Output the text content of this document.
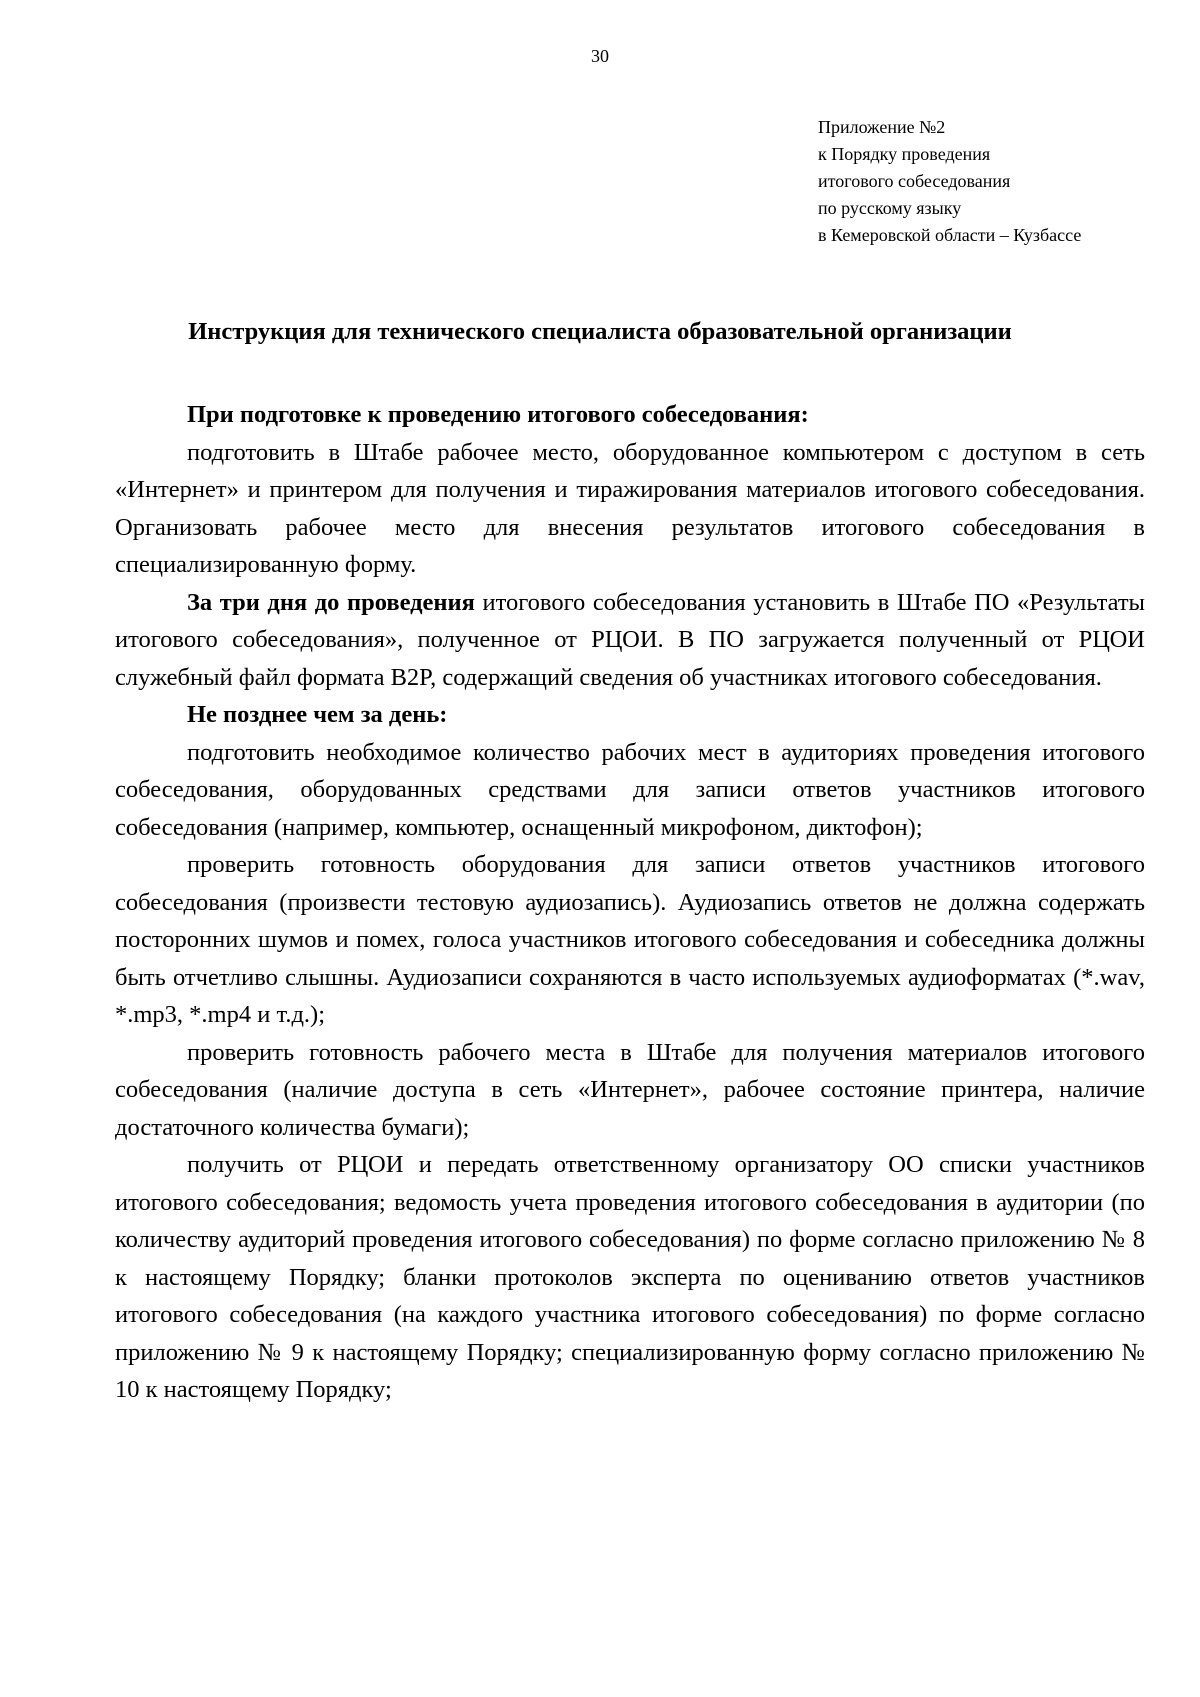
30
Приложение №2
к Порядку проведения
итогового собеседования
по русскому языку
в Кемеровской области – Кузбассе
Инструкция для технического специалиста образовательной организации

При подготовке к проведению итогового собеседования:

подготовить в Штабе рабочее место, оборудованное компьютером с доступом в сеть «Интернет» и принтером для получения и тиражирования материалов итогового собеседования. Организовать рабочее место для внесения результатов итогового собеседования в специализированную форму.

За три дня до проведения итогового собеседования установить в Штабе ПО «Результаты итогового собеседования», полученное от РЦОИ. В ПО загружается полученный от РЦОИ служебный файл формата B2P, содержащий сведения об участниках итогового собеседования.

Не позднее чем за день:

подготовить необходимое количество рабочих мест в аудиториях проведения итогового собеседования, оборудованных средствами для записи ответов участников итогового собеседования (например, компьютер, оснащенный микрофоном, диктофон);

проверить готовность оборудования для записи ответов участников итогового собеседования (произвести тестовую аудиозапись). Аудиозапись ответов не должна содержать посторонних шумов и помех, голоса участников итогового собеседования и собеседника должны быть отчетливо слышны. Аудиозаписи сохраняются в часто используемых аудиоформатах (*.wav, *.mp3, *.mp4 и т.д.);

проверить готовность рабочего места в Штабе для получения материалов итогового собеседования (наличие доступа в сеть «Интернет», рабочее состояние принтера, наличие достаточного количества бумаги);

получить от РЦОИ и передать ответственному организатору ОО списки участников итогового собеседования; ведомость учета проведения итогового собеседования в аудитории (по количеству аудиторий проведения итогового собеседования) по форме согласно приложению № 8 к настоящему Порядку; бланки протоколов эксперта по оцениванию ответов участников итогового собеседования (на каждого участника итогового собеседования) по форме согласно приложению № 9 к настоящему Порядку; специализированную форму согласно приложению № 10 к настоящему Порядку;
